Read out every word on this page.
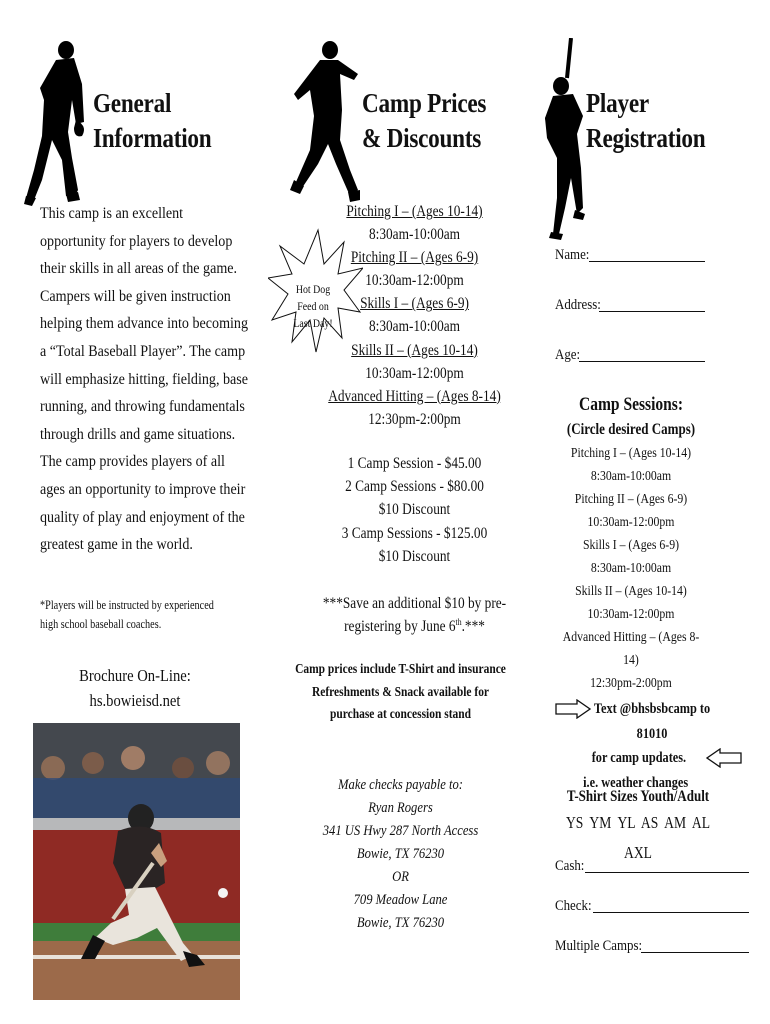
General
Information
This camp is an excellent opportunity for players to develop their skills in all areas of the game. Campers will be given instruction helping them advance into becoming a “Total Baseball Player”. The camp will emphasize hitting, fielding, base running, and throwing fundamentals through drills and game situations. The camp provides players of all ages an opportunity to improve their quality of play and enjoyment of the greatest game in the world.
*Players will be instructed by experienced
high school baseball coaches.
Brochure On-Line:
hs.bowieisd.net
Camp Prices
& Discounts
Hot Dog
Feed on
Last Day!
Pitching I – (Ages 10-14)
8:30am-10:00am
Pitching II – (Ages 6-9)
10:30am-12:00pm
Skills I – (Ages 6-9)
8:30am-10:00am
Skills II – (Ages 10-14)
10:30am-12:00pm
Advanced Hitting – (Ages 8-14)
12:30pm-2:00pm
1 Camp Session - $45.00
2 Camp Sessions - $80.00
$10 Discount
3 Camp Sessions - $125.00
$10 Discount
***Save an additional $10 by pre-
registering by June 6th.***
Camp prices include T-Shirt and insurance
Refreshments & Snack available for
purchase at concession stand
Make checks payable to:
Ryan Rogers
341 US Hwy 287 North Access
Bowie, TX 76230
OR
709 Meadow Lane
Bowie, TX 76230
Player
Registration
Name:
Address:
Age:
Camp Sessions:
(Circle desired Camps)
Pitching I – (Ages 10-14)
8:30am-10:00am
Pitching II – (Ages 6-9)
10:30am-12:00pm
Skills I – (Ages 6-9)
8:30am-10:00am
Skills II – (Ages 10-14)
10:30am-12:00pm
Advanced Hitting – (Ages 8-14)
12:30pm-2:00pm
Text @bhsbsbcamp to 81010
for camp updates.
i.e. weather changes
T-Shirt Sizes Youth/Adult
YS YM YL AS AM AL AXL
Cash:
Check:
Multiple Camps:
